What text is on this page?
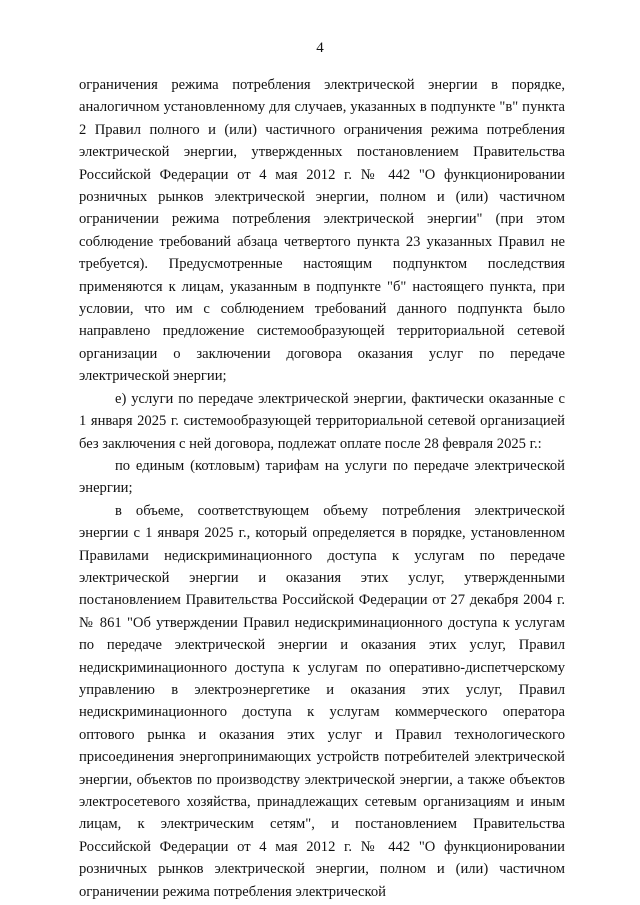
4

ограничения режима потребления электрической энергии в порядке, аналогичном установленному для случаев, указанных в подпункте "в" пункта 2 Правил полного и (или) частичного ограничения режима потребления электрической энергии, утвержденных постановлением Правительства Российской Федерации от 4 мая 2012 г. № 442 "О функционировании розничных рынков электрической энергии, полном и (или) частичном ограничении режима потребления электрической энергии" (при этом соблюдение требований абзаца четвертого пункта 23 указанных Правил не требуется). Предусмотренные настоящим подпунктом последствия применяются к лицам, указанным в подпункте "б" настоящего пункта, при условии, что им с соблюдением требований данного подпункта было направлено предложение системообразующей территориальной сетевой организации о заключении договора оказания услуг по передаче электрической энергии;

е) услуги по передаче электрической энергии, фактически оказанные с 1 января 2025 г. системообразующей территориальной сетевой организацией без заключения с ней договора, подлежат оплате после 28 февраля 2025 г.:

по единым (котловым) тарифам на услуги по передаче электрической энергии;

в объеме, соответствующем объему потребления электрической энергии с 1 января 2025 г., который определяется в порядке, установленном Правилами недискриминационного доступа к услугам по передаче электрической энергии и оказания этих услуг, утвержденными постановлением Правительства Российской Федерации от 27 декабря 2004 г. № 861 "Об утверждении Правил недискриминационного доступа к услугам по передаче электрической энергии и оказания этих услуг, Правил недискриминационного доступа к услугам по оперативно-диспетчерскому управлению в электроэнергетике и оказания этих услуг, Правил недискриминационного доступа к услугам коммерческого оператора оптового рынка и оказания этих услуг и Правил технологического присоединения энергопринимающих устройств потребителей электрической энергии, объектов по производству электрической энергии, а также объектов электросетевого хозяйства, принадлежащих сетевым организациям и иным лицам, к электрическим сетям", и постановлением Правительства Российской Федерации от 4 мая 2012 г. № 442 "О функционировании розничных рынков электрической энергии, полном и (или) частичном ограничении режима потребления электрической
